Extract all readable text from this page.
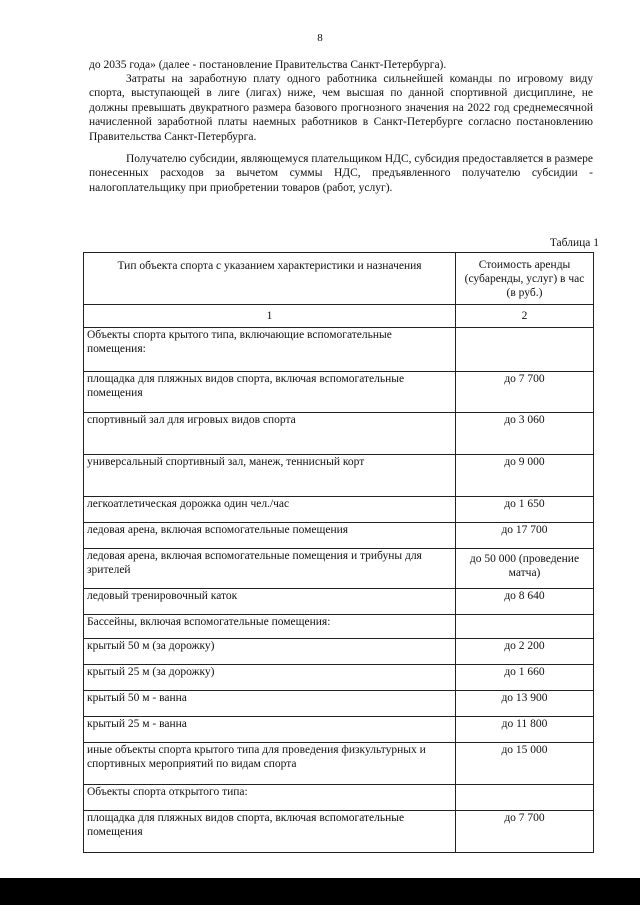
8

до 2035 года» (далее - постановление Правительства Санкт-Петербурга).

Затраты на заработную плату одного работника сильнейшей команды по игровому виду спорта, выступающей в лиге (лигах) ниже, чем высшая по данной спортивной дисциплине, не должны превышать двукратного размера базового прогнозного значения на 2022 год среднемесячной начисленной заработной платы наемных работников в Санкт-Петербурге согласно постановлению Правительства Санкт-Петербурга.

Получателю субсидии, являющемуся плательщиком НДС, субсидия предоставляется в размере понесенных расходов за вычетом суммы НДС, предъявленного получателю субсидии - налогоплательщику при приобретении товаров (работ, услуг).

Таблица 1
Тип объекта спорта с указанием характеристики и назначения	Стоимость аренды (субаренды, услуг) в час (в руб.)
1	2
Объекты спорта крытого типа, включающие вспомогательные помещения:	
площадка для пляжных видов спорта, включая вспомогательные помещения	до 7 700
спортивный зал для игровых видов спорта	до 3 060
универсальный спортивный зал, манеж, теннисный корт	до 9 000
легкоатлетическая дорожка один чел./час	до 1 650
ледовая арена, включая вспомогательные помещения	до 17 700
ледовая арена, включая вспомогательные помещения и трибуны для зрителей	до 50 000 (проведение матча)
ледовый тренировочный каток	до 8 640
Бассейны, включая вспомогательные помещения:	
крытый 50 м (за дорожку)	до 2 200
крытый 25 м (за дорожку)	до 1 660
крытый 50 м - ванна	до 13 900
крытый 25 м - ванна	до 11 800
иные объекты спорта крытого типа для проведения физкультурных и спортивных мероприятий по видам спорта	до 15 000
Объекты спорта открытого типа:	
площадка для пляжных видов спорта, включая вспомогательные помещения	до 7 700
